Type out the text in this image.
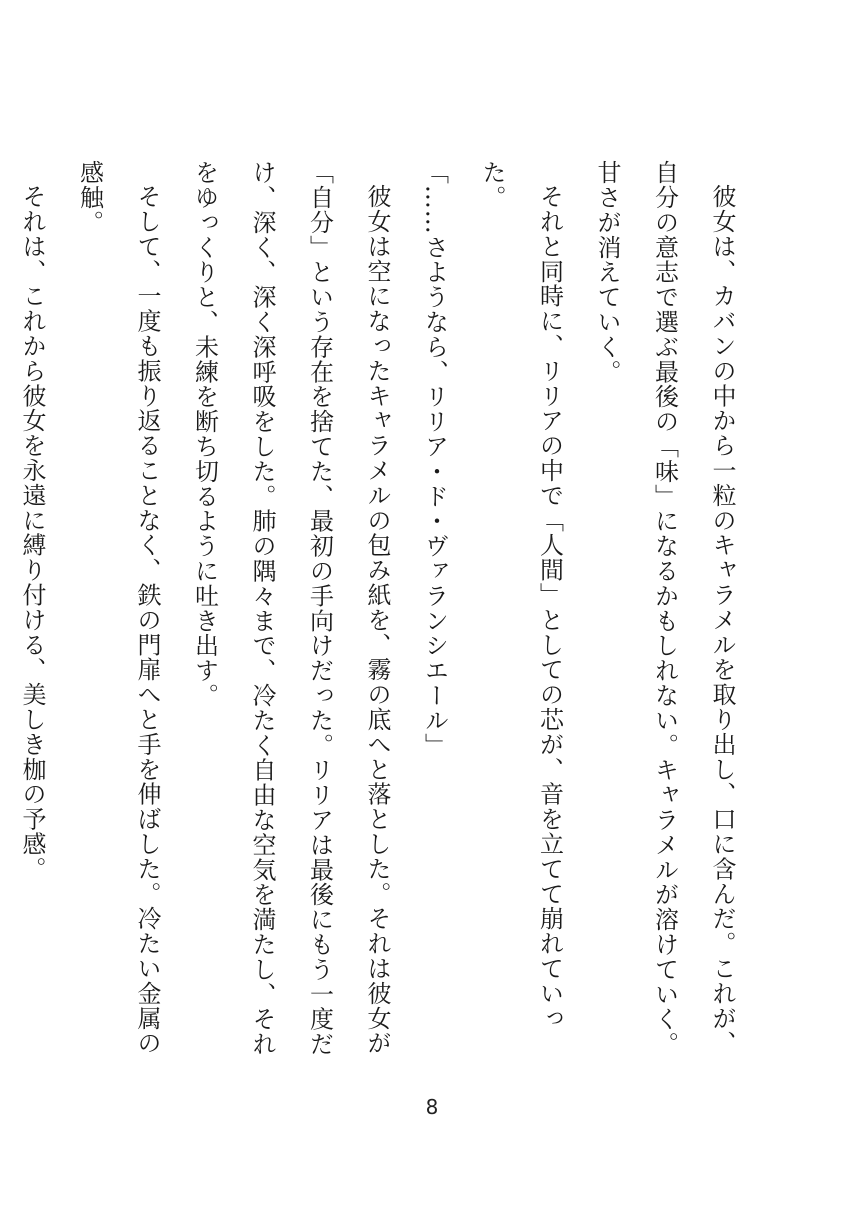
彼女は、カバンの中から一粒のキャラメルを取り出し、口に含んだ。これが、自分の意志で選ぶ最後の「味」になるかもしれない。キャラメルが溶けていく。甘さが消えていく。

それと同時に、リリアの中で「人間」としての芯が、音を立てて崩れていった。

「……さようなら、リリア・ド・ヴァランシエール」

彼女は空になったキャラメルの包み紙を、霧の底へと落とした。それは彼女が「自分」という存在を捨てた、最初の手向けだった。リリアは最後にもう一度だけ、深く、深く深呼吸をした。肺の隅々まで、冷たく自由な空気を満たし、それをゆっくりと、未練を断ち切るように吐き出す。

そして、一度も振り返ることなく、鉄の門扉へと手を伸ばした。冷たい金属の感触。

それは、これから彼女を永遠に縛り付ける、美しき枷の予感。

8
